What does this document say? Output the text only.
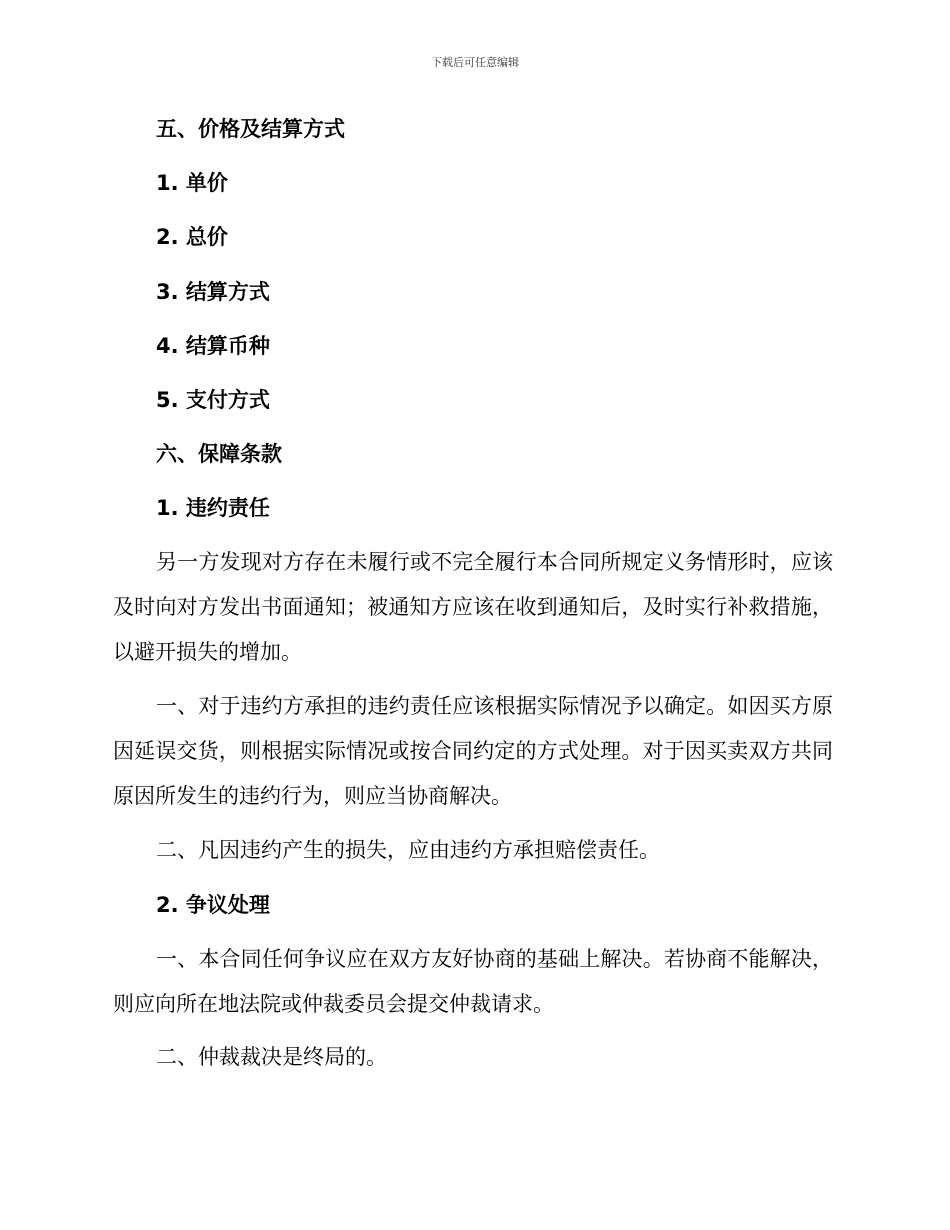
下载后可任意编辑
五、价格及结算方式
1. 单价
2. 总价
3. 结算方式
4. 结算币种
5. 支付方式
六、保障条款
1. 违约责任
另一方发现对方存在未履行或不完全履行本合同所规定义务情形时，应该及时向对方发出书面通知；被通知方应该在收到通知后，及时实行补救措施，以避开损失的增加。
一、对于违约方承担的违约责任应该根据实际情况予以确定。如因买方原因延误交货，则根据实际情况或按合同约定的方式处理。对于因买卖双方共同原因所发生的违约行为，则应当协商解决。
二、凡因违约产生的损失，应由违约方承担赔偿责任。
2. 争议处理
一、本合同任何争议应在双方友好协商的基础上解决。若协商不能解决，则应向所在地法院或仲裁委员会提交仲裁请求。
二、仲裁裁决是终局的。
